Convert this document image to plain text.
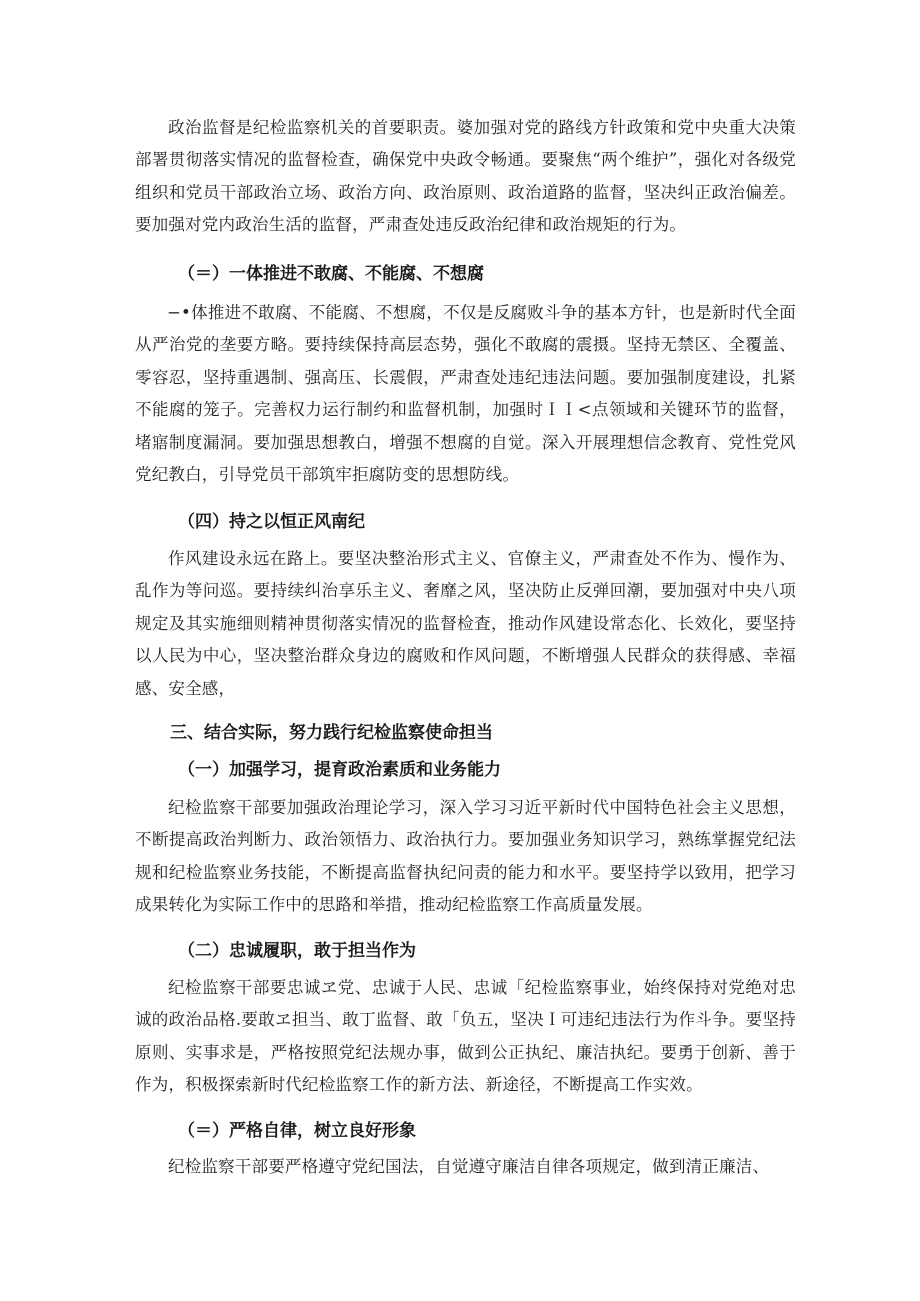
政治监督是纪检监察机关的首要职责。婆加强对党的路线方针政策和党中央重大决策部署贯彻落实情况的监督检查，确保党中央政令畅通。要聚焦“两个维护”，强化对各级党组织和党员干部政治立场、政治方向、政治原则、政治道路的监督，坚决纠正政治偏差。要加强对党内政治生活的监督，严肃查处违反政治纪律和政治规矩的行为。

（＝）一体推进不敢腐、不能腐、不想腐

−•体推进不敢腐、不能腐、不想腐，不仅是反腐败斗争的基本方针，也是新时代全面从严治党的垄要方略。要持续保持高层态势，强化不敢腐的震摄。坚持无禁区、全覆盖、零容忍，坚持重遇制、强高压、长震假，严肃查处违纪违法问题。要加强制度建设，扎紧不能腐的笼子。完善权力运行制约和监督机制，加强时ＩＩ<点领域和关键环节的监督，堵寤制度漏洞。要加强思想教白，增强不想腐的自觉。深入开展理想信念教育、党性党风党纪教白，引导党员干部筑牢拒腐防变的思想防线。

（四）持之以恒正风南纪

作风建设永远在路上。要坚决整治形式主义、官僚主义，严肃查处不作为、慢作为、乱作为等问巡。要持续纠治享乐主义、奢靡之风，坚决防止反弹回潮，要加强对中央八项规定及其实施细则精神贯彻落实情况的监督检査，推动作风建设常态化、长效化，要坚持以人民为中心，坚决整治群众身边的腐败和作风问题，不断增强人民群众的获得感、幸福感、安全感，

三、结合实际，努力践行纪检监察使命担当

（一）加强学习，提育政治素质和业务能力

纪检监察干部要加强政治理论学习，深入学习习近平新时代中国特色社会主义思想，不断提高政治判断力、政治领悟力、政治执行力。要加强业务知识学习，熟练掌握党纪法规和纪检监察业务技能，不断提高监督执纪问责的能力和水平。要坚持学以致用，把学习成果转化为实际工作中的思路和举措，推动纪检监察工作高质量发展。

（二）忠诚履职，敢于担当作为

纪检监察干部要忠诚ヱ党、忠诚于人民、忠诚「纪检监察事业，始终保持对党绝对忠诚的政治品格.要敢ヱ担当、敢丁监督、敢「负五，坚决Ｉ可违纪违法行为作斗争。要坚持原则、实事求是，严格按照党纪法规办事，做到公正执纪、廉洁执纪。要勇于创新、善于作为，积极探索新时代纪检监察工作的新方法、新途径，不断提高工作实效。

（＝）严格自律，树立良好形象

纪检监察干部要严格遵守党纪国法，自觉遵守廉洁自律各项规定，做到清正廉洁、
